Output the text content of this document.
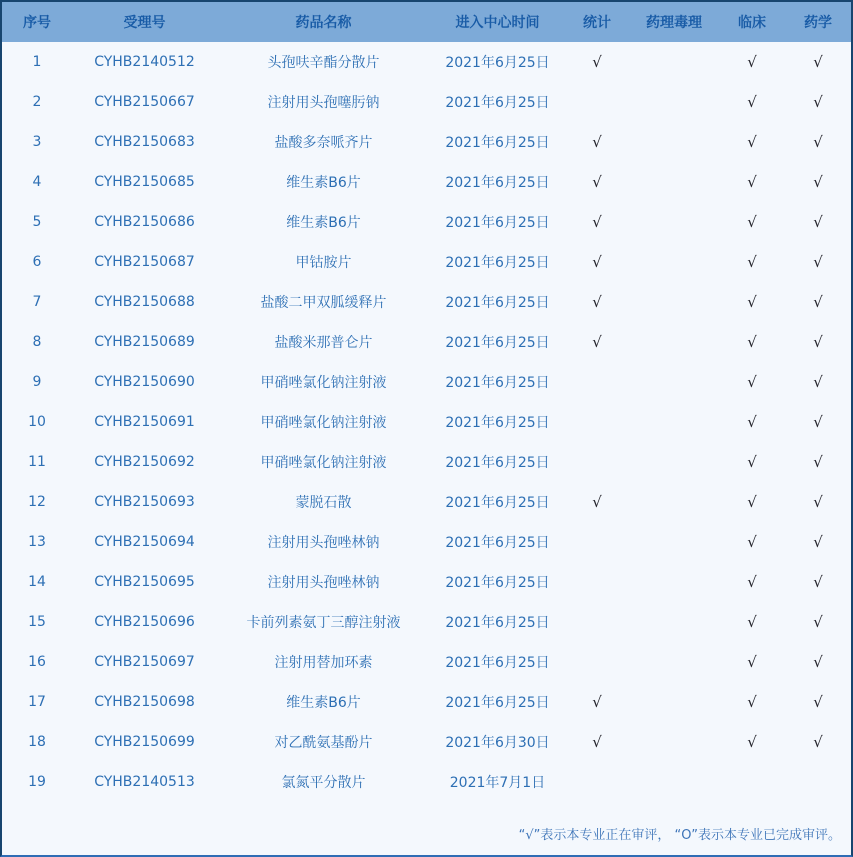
序号	受理号	药品名称	进入中心时间	统计	药理毒理	临床	药学
1	CYHB2140512	头孢呋辛酯分散片	2021年6月25日	√		√	√
2	CYHB2150667	注射用头孢噻肟钠	2021年6月25日			√	√
3	CYHB2150683	盐酸多奈哌齐片	2021年6月25日	√		√	√
4	CYHB2150685	维生素B6片	2021年6月25日	√		√	√
5	CYHB2150686	维生素B6片	2021年6月25日	√		√	√
6	CYHB2150687	甲钴胺片	2021年6月25日	√		√	√
7	CYHB2150688	盐酸二甲双胍缓释片	2021年6月25日	√		√	√
8	CYHB2150689	盐酸米那普仑片	2021年6月25日	√		√	√
9	CYHB2150690	甲硝唑氯化钠注射液	2021年6月25日			√	√
10	CYHB2150691	甲硝唑氯化钠注射液	2021年6月25日			√	√
11	CYHB2150692	甲硝唑氯化钠注射液	2021年6月25日			√	√
12	CYHB2150693	蒙脱石散	2021年6月25日	√		√	√
13	CYHB2150694	注射用头孢唑林钠	2021年6月25日			√	√
14	CYHB2150695	注射用头孢唑林钠	2021年6月25日			√	√
15	CYHB2150696	卡前列素氨丁三醇注射液	2021年6月25日			√	√
16	CYHB2150697	注射用替加环素	2021年6月25日			√	√
17	CYHB2150698	维生素B6片	2021年6月25日	√		√	√
18	CYHB2150699	对乙酰氨基酚片	2021年6月30日	√		√	√
19	CYHB2140513	氯氮平分散片	2021年7月1日				
“√”表示本专业正在审评， “O”表示本专业已完成审评。
